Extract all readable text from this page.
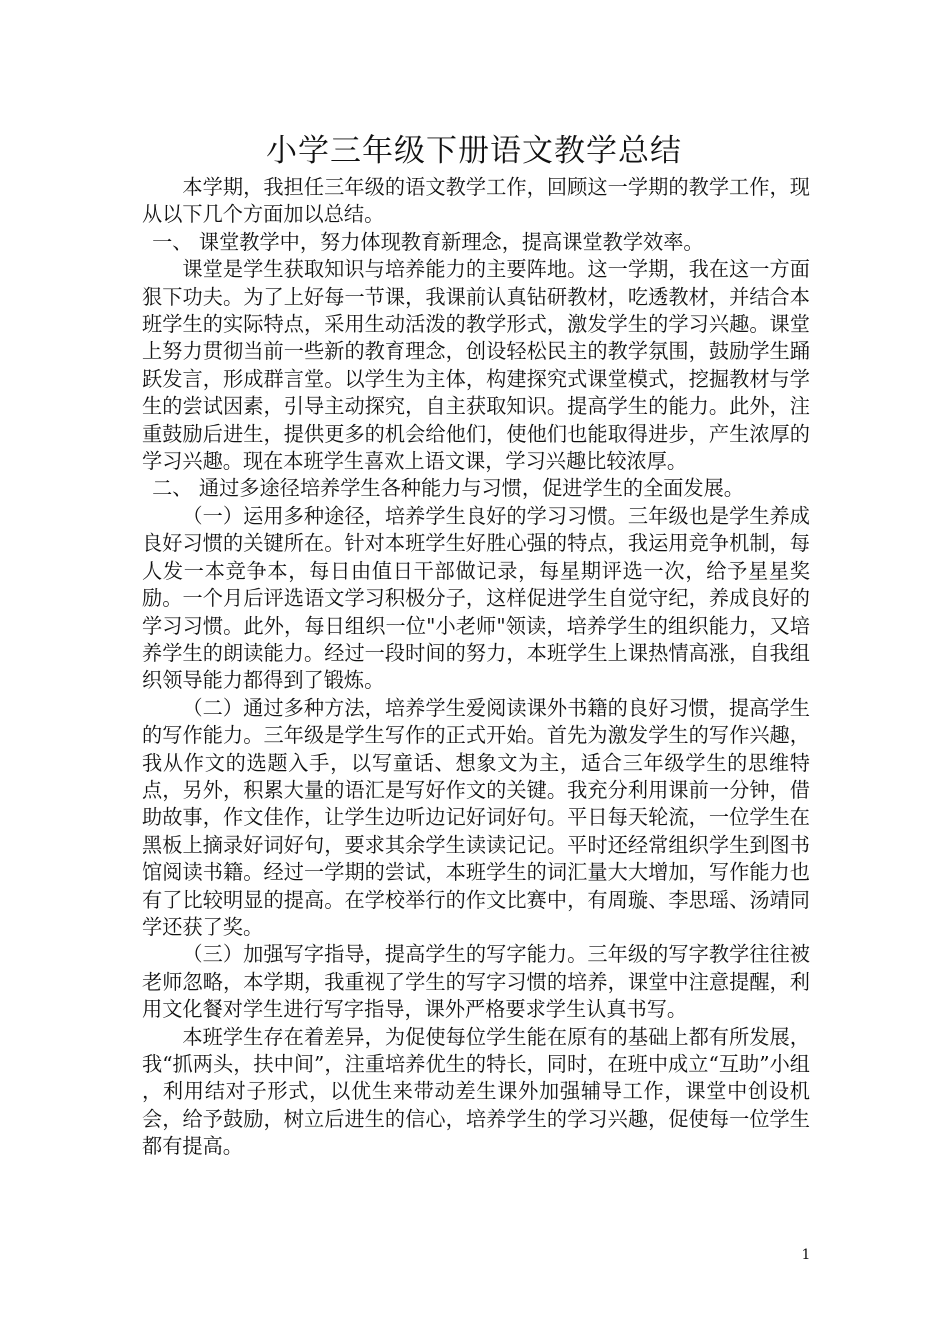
小学三年级下册语文教学总结

本学期，我担任三年级的语文教学工作，回顾这一学期的教学工作，现从以下几个方面加以总结。

一、 课堂教学中，努力体现教育新理念，提高课堂教学效率。

课堂是学生获取知识与培养能力的主要阵地。这一学期，我在这一方面狠下功夫。为了上好每一节课，我课前认真钻研教材，吃透教材，并结合本班学生的实际特点，采用生动活泼的教学形式，激发学生的学习兴趣。课堂上努力贯彻当前一些新的教育理念，创设轻松民主的教学氛围，鼓励学生踊跃发言，形成群言堂。以学生为主体，构建探究式课堂模式，挖掘教材与学生的尝试因素，引导主动探究，自主获取知识。提高学生的能力。此外，注重鼓励后进生，提供更多的机会给他们，使他们也能取得进步，产生浓厚的学习兴趣。现在本班学生喜欢上语文课，学习兴趣比较浓厚。

二、 通过多途径培养学生各种能力与习惯，促进学生的全面发展。

（一）运用多种途径，培养学生良好的学习习惯。三年级也是学生养成良好习惯的关键所在。针对本班学生好胜心强的特点，我运用竞争机制，每人发一本竞争本，每日由值日干部做记录，每星期评选一次，给予星星奖励。一个月后评选语文学习积极分子，这样促进学生自觉守纪，养成良好的学习习惯。此外，每日组织一位"小老师"领读，培养学生的组织能力，又培养学生的朗读能力。经过一段时间的努力，本班学生上课热情高涨，自我组织领导能力都得到了锻炼。

（二）通过多种方法，培养学生爱阅读课外书籍的良好习惯，提高学生的写作能力。三年级是学生写作的正式开始。首先为激发学生的写作兴趣，我从作文的选题入手，以写童话、想象文为主，适合三年级学生的思维特点，另外，积累大量的语汇是写好作文的关键。我充分利用课前一分钟，借助故事，作文佳作，让学生边听边记好词好句。平日每天轮流，一位学生在黑板上摘录好词好句，要求其余学生读读记记。平时还经常组织学生到图书馆阅读书籍。经过一学期的尝试，本班学生的词汇量大大增加，写作能力也有了比较明显的提高。在学校举行的作文比赛中，有周璇、李思瑶、汤靖同学还获了奖。

（三）加强写字指导，提高学生的写字能力。三年级的写字教学往往被老师忽略，本学期，我重视了学生的写字习惯的培养，课堂中注意提醒，利用文化餐对学生进行写字指导，课外严格要求学生认真书写。

本班学生存在着差异，为促使每位学生能在原有的基础上都有所发展，我“抓两头，扶中间”，注重培养优生的特长，同时，在班中成立“互助”小组 ，利用结对子形式，以优生来带动差生课外加强辅导工作，课堂中创设机会，给予鼓励，树立后进生的信心，培养学生的学习兴趣，促使每一位学生都有提高。

1
